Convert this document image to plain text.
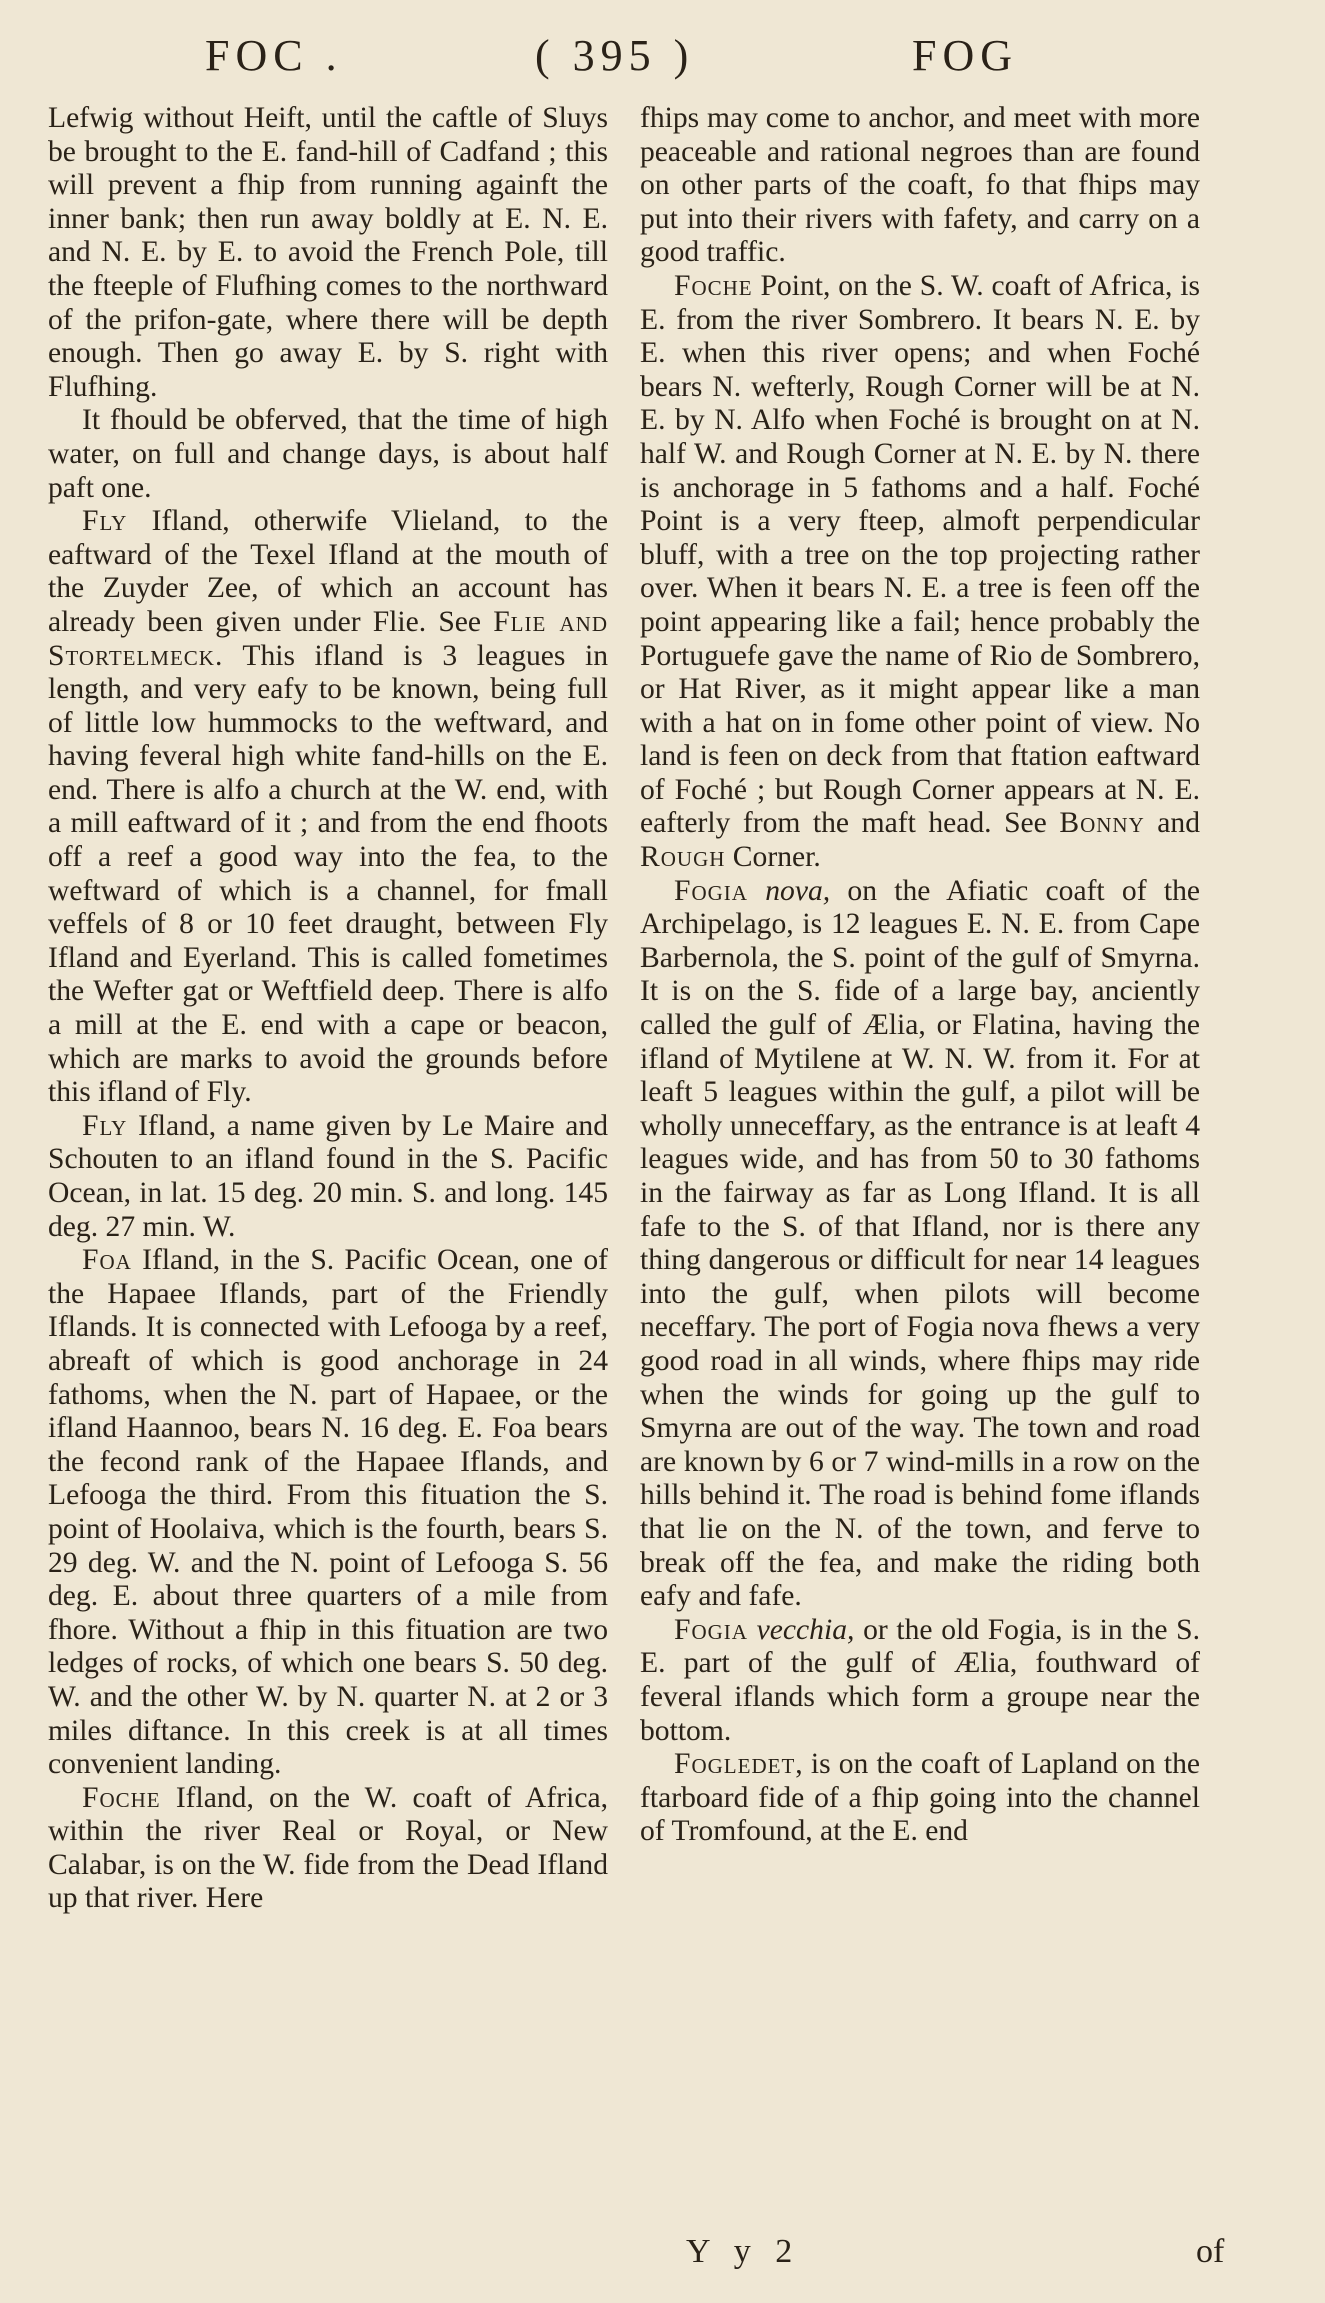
FOC .	( 395 )	FOG

Lefwig without Heift, until the caftle of Sluys be brought to the E. fand-hill of Cadfand ; this will prevent a fhip from running againft the inner bank; then run away boldly at E. N. E. and N. E. by E. to avoid the French Pole, till the fteeple of Flufhing comes to the northward of the prifon-gate, where there will be depth enough. Then go away E. by S. right with Flufhing.

It fhould be obferved, that the time of high water, on full and change days, is about half paft one.

Fly Ifland, otherwife Vlieland, to the eaftward of the Texel Ifland at the mouth of the Zuyder Zee, of which an account has already been given under Flie. See Flie and Stortelmeck. This ifland is 3 leagues in length, and very eafy to be known, being full of little low hummocks to the weftward, and having feveral high white fand-hills on the E. end. There is alfo a church at the W. end, with a mill eaftward of it ; and from the end fhoots off a reef a good way into the fea, to the weftward of which is a channel, for fmall veffels of 8 or 10 feet draught, between Fly Ifland and Eyerland. This is called fometimes the Wefter gat or Weftfield deep. There is alfo a mill at the E. end with a cape or beacon, which are marks to avoid the grounds before this ifland of Fly.

Fly Ifland, a name given by Le Maire and Schouten to an ifland found in the S. Pacific Ocean, in lat. 15 deg. 20 min. S. and long. 145 deg. 27 min. W.

Foa Ifland, in the S. Pacific Ocean, one of the Hapaee Iflands, part of the Friendly Iflands. It is connected with Lefooga by a reef, abreaft of which is good anchorage in 24 fathoms, when the N. part of Hapaee, or the ifland Haannoo, bears N. 16 deg. E. Foa bears the fecond rank of the Hapaee Iflands, and Lefooga the third. From this fituation the S. point of Hoolaiva, which is the fourth, bears S. 29 deg. W. and the N. point of Lefooga S. 56 deg. E. about three quarters of a mile from fhore. Without a fhip in this fituation are two ledges of rocks, of which one bears S. 50 deg. W. and the other W. by N. quarter N. at 2 or 3 miles diftance. In this creek is at all times convenient landing.

Foche Ifland, on the W. coaft of Africa, within the river Real or Royal, or New Calabar, is on the W. fide from the Dead Ifland up that river. Here

fhips may come to anchor, and meet with more peaceable and rational negroes than are found on other parts of the coaft, fo that fhips may put into their rivers with fafety, and carry on a good traffic.

Foche Point, on the S. W. coaft of Africa, is E. from the river Sombrero. It bears N. E. by E. when this river opens; and when Foché bears N. wefterly, Rough Corner will be at N. E. by N. Alfo when Foché is brought on at N. half W. and Rough Corner at N. E. by N. there is anchorage in 5 fathoms and a half. Foché Point is a very fteep, almoft perpendicular bluff, with a tree on the top projecting rather over. When it bears N. E. a tree is feen off the point appearing like a fail; hence probably the Portuguefe gave the name of Rio de Sombrero, or Hat River, as it might appear like a man with a hat on in fome other point of view. No land is feen on deck from that ftation eaftward of Foché ; but Rough Corner appears at N. E. eafterly from the maft head. See Bonny and Rough Corner.

Fogia nova, on the Afiatic coaft of the Archipelago, is 12 leagues E. N. E. from Cape Barbernola, the S. point of the gulf of Smyrna. It is on the S. fide of a large bay, anciently called the gulf of Ælia, or Flatina, having the ifland of Mytilene at W. N. W. from it. For at leaft 5 leagues within the gulf, a pilot will be wholly unneceffary, as the entrance is at leaft 4 leagues wide, and has from 50 to 30 fathoms in the fairway as far as Long Ifland. It is all fafe to the S. of that Ifland, nor is there any thing dangerous or difficult for near 14 leagues into the gulf, when pilots will become neceffary. The port of Fogia nova fhews a very good road in all winds, where fhips may ride when the winds for going up the gulf to Smyrna are out of the way. The town and road are known by 6 or 7 wind-mills in a row on the hills behind it. The road is behind fome iflands that lie on the N. of the town, and ferve to break off the fea, and make the riding both eafy and fafe.

Fogia vecchia, or the old Fogia, is in the S. E. part of the gulf of Ælia, fouthward of feveral iflands which form a groupe near the bottom.

Fogledet, is on the coaft of Lapland on the ftarboard fide of a fhip going into the channel of Tromfound, at the E. end

Y y 2	of
